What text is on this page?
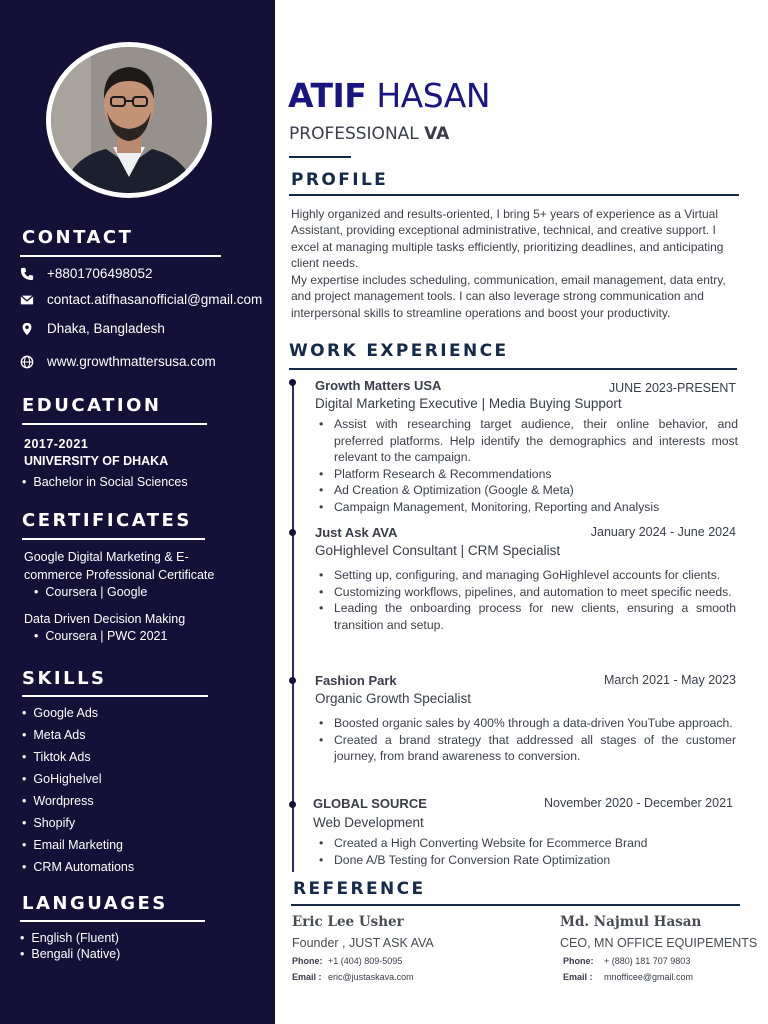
CONTACT
+8801706498052
contact.atifhasanofficial@gmail.com
Dhaka, Bangladesh
www.growthmattersusa.com
EDUCATION
2017-2021
UNIVERSITY OF DHAKA
• Bachelor in Social Sciences
CERTIFICATES
Google Digital Marketing & E-
commerce Professional Certificate
• Coursera | Google
Data Driven Decision Making
• Coursera | PWC 2021
SKILLS
• Google Ads
• Meta Ads
• Tiktok Ads
• GoHighelvel
• Wordpress
• Shopify
• Email Marketing
• CRM Automations
LANGUAGES
• English (Fluent)
• Bengali (Native)
ATIF HASAN
PROFESSIONAL VA
PROFILE
Highly organized and results-oriented, I bring 5+ years of experience as a Virtual Assistant, providing exceptional administrative, technical, and creative support. I excel at managing multiple tasks efficiently, prioritizing deadlines, and anticipating client needs.
My expertise includes scheduling, communication, email management, data entry, and project management tools. I can also leverage strong communication and interpersonal skills to streamline operations and boost your productivity.
WORK EXPERIENCE
Growth Matters USA	JUNE 2023-PRESENT
Digital Marketing Executive | Media Buying Support
• Assist with researching target audience, their online behavior, and preferred platforms. Help identify the demographics and interests most relevant to the campaign.
• Platform Research & Recommendations
• Ad Creation & Optimization (Google & Meta)
• Campaign Management, Monitoring, Reporting and Analysis
Just Ask AVA	January 2024 - June 2024
GoHighlevel Consultant | CRM Specialist
• Setting up, configuring, and managing GoHighlevel accounts for clients.
• Customizing workflows, pipelines, and automation to meet specific needs.
• Leading the onboarding process for new clients, ensuring a smooth transition and setup.
Fashion Park	March 2021 - May 2023
Organic Growth Specialist
• Boosted organic sales by 400% through a data-driven YouTube approach.
• Created a brand strategy that addressed all stages of the customer journey, from brand awareness to conversion.
GLOBAL SOURCE	November 2020 - December 2021
Web Development
• Created a High Converting Website for Ecommerce Brand
• Done A/B Testing for Conversion Rate Optimization
REFERENCE
Eric Lee Usher
Founder , JUST ASK AVA
Phone: +1 (404) 809-5095
Email : eric@justaskava.com
Md. Najmul Hasan
CEO, MN OFFICE EQUIPEMENTS
Phone: + (880) 181 707 9803
Email : mnofficee@gmail.com
